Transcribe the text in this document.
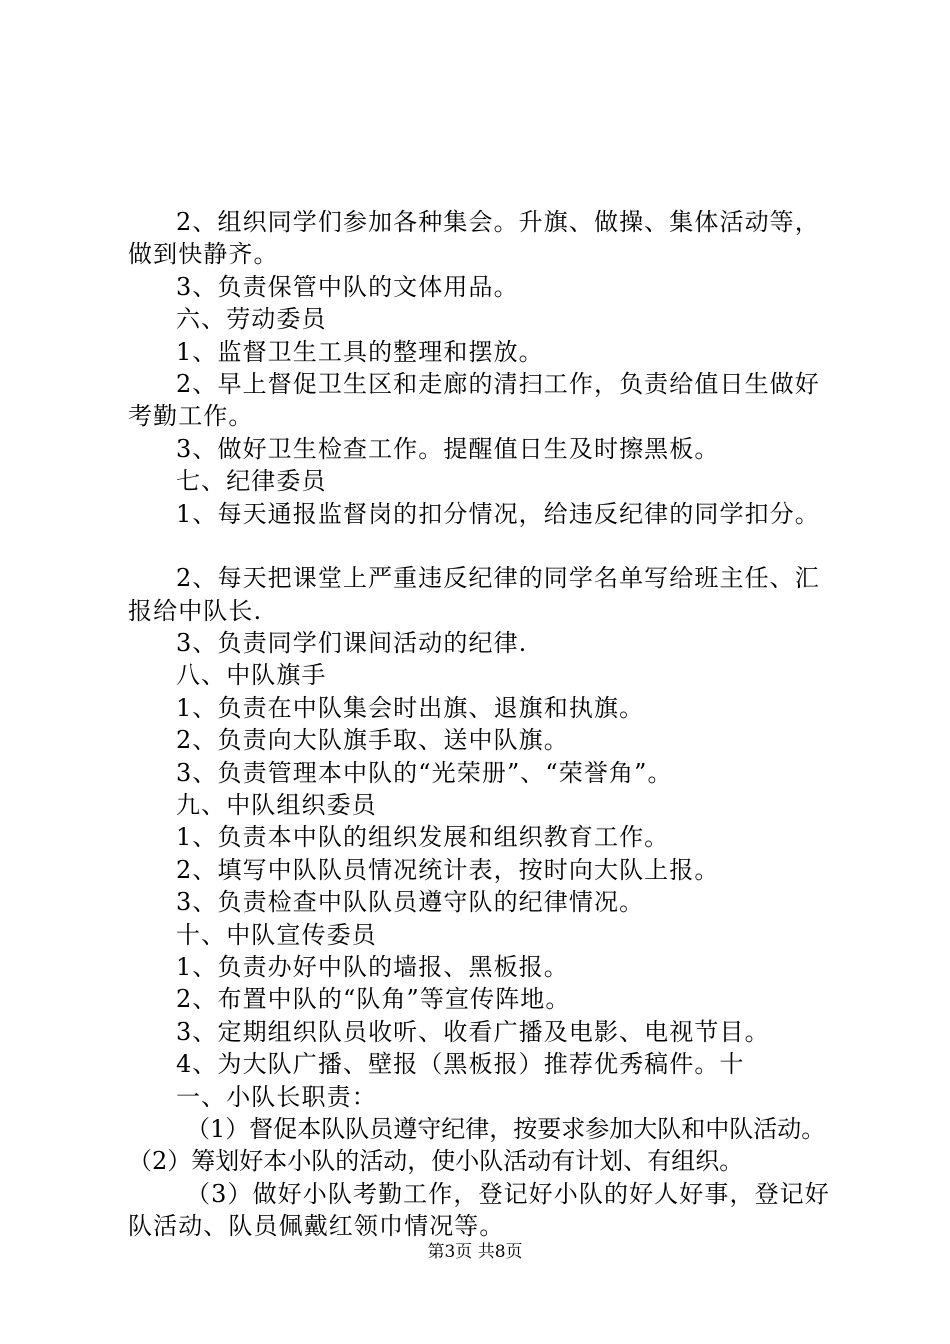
2、组织同学们参加各种集会。升旗、做操、集体活动等，
做到快静齐。
3、负责保管中队的文体用品。
六、劳动委员
1、监督卫生工具的整理和摆放。
2、早上督促卫生区和走廊的清扫工作，负责给值日生做好
考勤工作。
3、做好卫生检查工作。提醒值日生及时擦黑板。
七、纪律委员
1、每天通报监督岗的扣分情况，给违反纪律的同学扣分。
2、每天把课堂上严重违反纪律的同学名单写给班主任、汇
报给中队长.
3、负责同学们课间活动的纪律.
八、中队旗手
1、负责在中队集会时出旗、退旗和执旗。
2、负责向大队旗手取、送中队旗。
3、负责管理本中队的“光荣册”、“荣誉角”。
九、中队组织委员
1、负责本中队的组织发展和组织教育工作。
2、填写中队队员情况统计表，按时向大队上报。
3、负责检查中队队员遵守队的纪律情况。
十、中队宣传委员
1、负责办好中队的墙报、黑板报。
2、布置中队的“队角”等宣传阵地。
3、定期组织队员收听、收看广播及电影、电视节目。
4、为大队广播、壁报（黑板报）推荐优秀稿件。十
一、小队长职责：
（1）督促本队队员遵守纪律，按要求参加大队和中队活动。
（2）筹划好本小队的活动，使小队活动有计划、有组织。
（3）做好小队考勤工作，登记好小队的好人好事，登记好
队活动、队员佩戴红领巾情况等。
第3页 共8页
